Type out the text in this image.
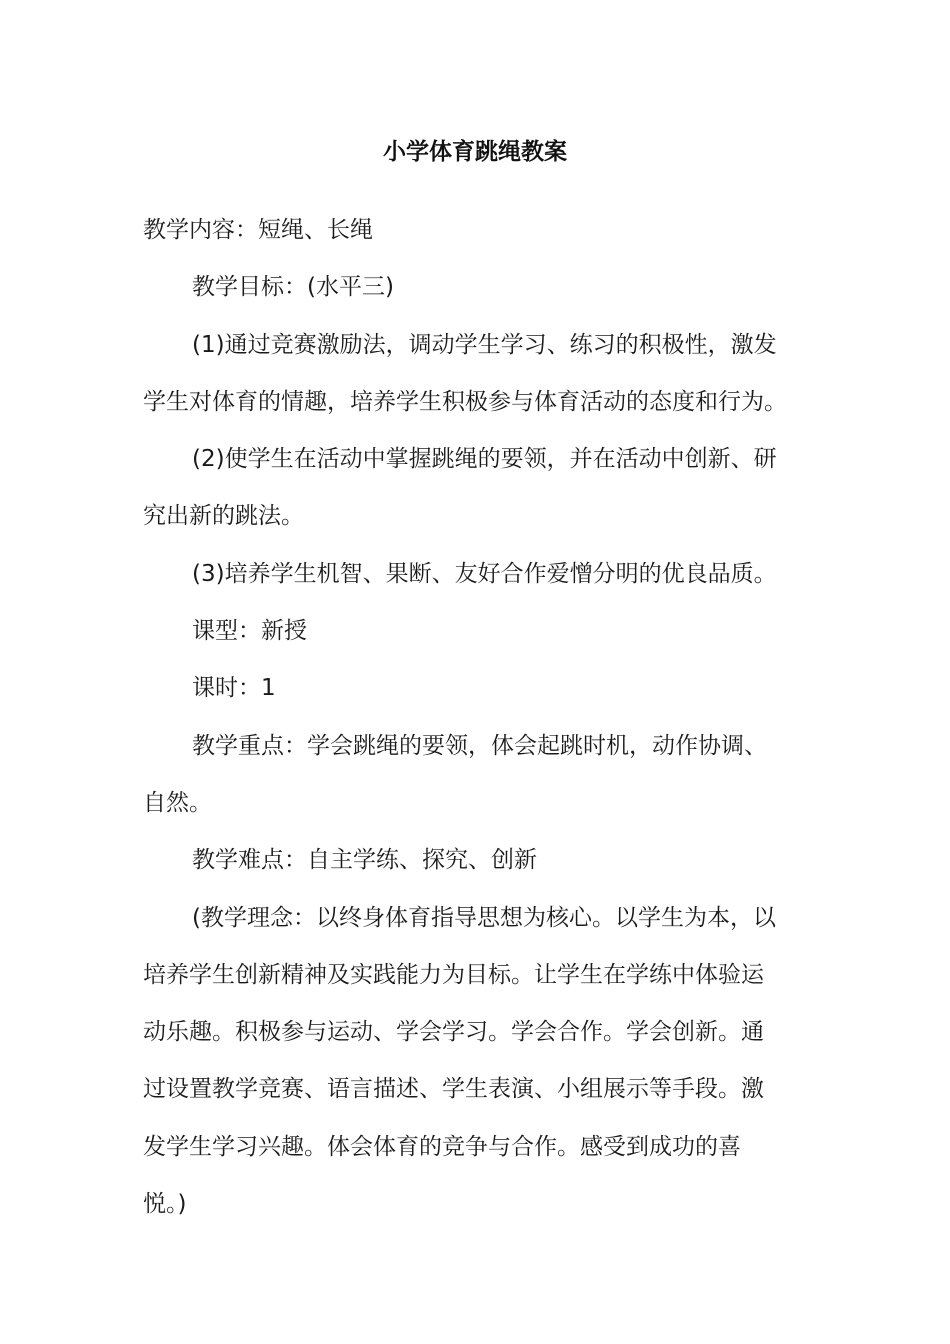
小学体育跳绳教案

教学内容：短绳、长绳

教学目标：(水平三)

(1)通过竞赛激励法，调动学生学习、练习的积极性，激发

学生对体育的情趣，培养学生积极参与体育活动的态度和行为。

(2)使学生在活动中掌握跳绳的要领，并在活动中创新、研

究出新的跳法。

(3)培养学生机智、果断、友好合作爱憎分明的优良品质。

课型：新授

课时：1

教学重点：学会跳绳的要领，体会起跳时机，动作协调、

自然。

教学难点：自主学练、探究、创新

(教学理念：以终身体育指导思想为核心。以学生为本，以

培养学生创新精神及实践能力为目标。让学生在学练中体验运

动乐趣。积极参与运动、学会学习。学会合作。学会创新。通

过设置教学竞赛、语言描述、学生表演、小组展示等手段。激

发学生学习兴趣。体会体育的竞争与合作。感受到成功的喜

悦。)
